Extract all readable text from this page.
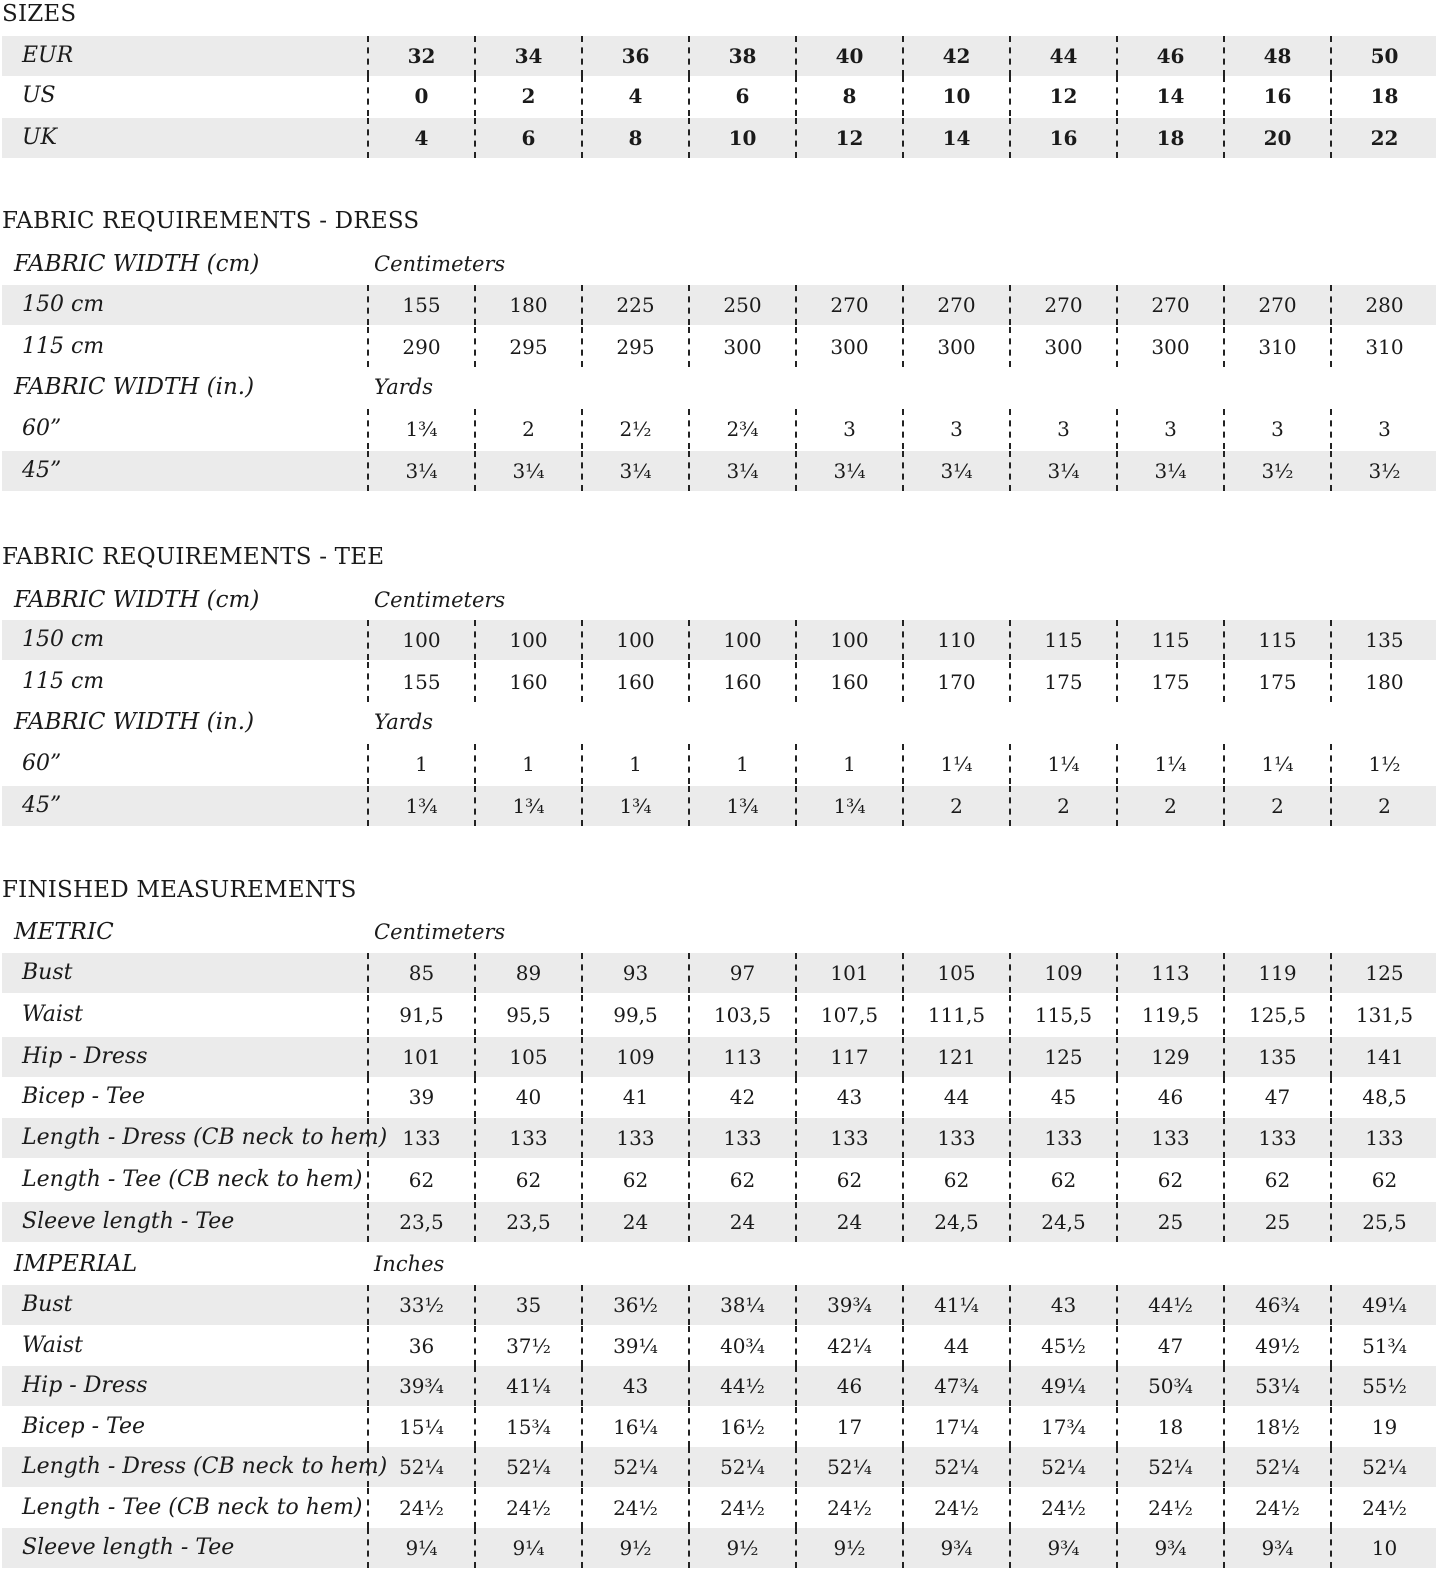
SIZES
FABRIC REQUIREMENTS - DRESS
FABRIC REQUIREMENTS - TEE
FINISHED MEASUREMENTS
FABRIC WIDTH (cm)	Centimeters
FABRIC WIDTH (in.)	Yards
FABRIC WIDTH (cm)	Centimeters
FABRIC WIDTH (in.)	Yards
METRIC	Centimeters
IMPERIAL	Inches
EUR	32	34	36	38	40	42	44	46	48	50
US	0	2	4	6	8	10	12	14	16	18
UK	4	6	8	10	12	14	16	18	20	22
150 cm	155	180	225	250	270	270	270	270	270	280
115 cm	290	295	295	300	300	300	300	300	310	310
60”	1¾	2	2½	2¾	3	3	3	3	3	3
45”	3¼	3¼	3¼	3¼	3¼	3¼	3¼	3¼	3½	3½
150 cm	100	100	100	100	100	110	115	115	115	135
115 cm	155	160	160	160	160	170	175	175	175	180
60”	1	1	1	1	1	1¼	1¼	1¼	1¼	1½
45”	1¾	1¾	1¾	1¾	1¾	2	2	2	2	2
Bust	85	89	93	97	101	105	109	113	119	125
Waist	91,5	95,5	99,5	103,5	107,5	111,5	115,5	119,5	125,5	131,5
Hip - Dress	101	105	109	113	117	121	125	129	135	141
Bicep - Tee	39	40	41	42	43	44	45	46	47	48,5
Length - Dress (CB neck to hem) 133	133	133	133	133	133	133	133	133	133
Length - Tee (CB neck to hem)	62	62	62	62	62	62	62	62	62	62
Sleeve length - Tee	23,5	23,5	24	24	24	24,5	24,5	25	25	25,5
Bust	33½	35	36½	38¼	39¾	41¼	43	44½	46¾	49¼
Waist	36	37½	39¼	40¾	42¼	44	45½	47	49½	51¾
Hip - Dress	39¾	41¼	43	44½	46	47¾	49¼	50¾	53¼	55½
Bicep - Tee	15¼	15¾	16¼	16½	17	17¼	17¾	18	18½	19
Length - Dress (CB neck to hem) 52¼	52¼	52¼	52¼	52¼	52¼	52¼	52¼	52¼	52¼
Length - Tee (CB neck to hem)	24½	24½	24½	24½	24½	24½	24½	24½	24½	24½
Sleeve length - Tee	9¼	9¼	9½	9½	9½	9¾	9¾	9¾	9¾	10
